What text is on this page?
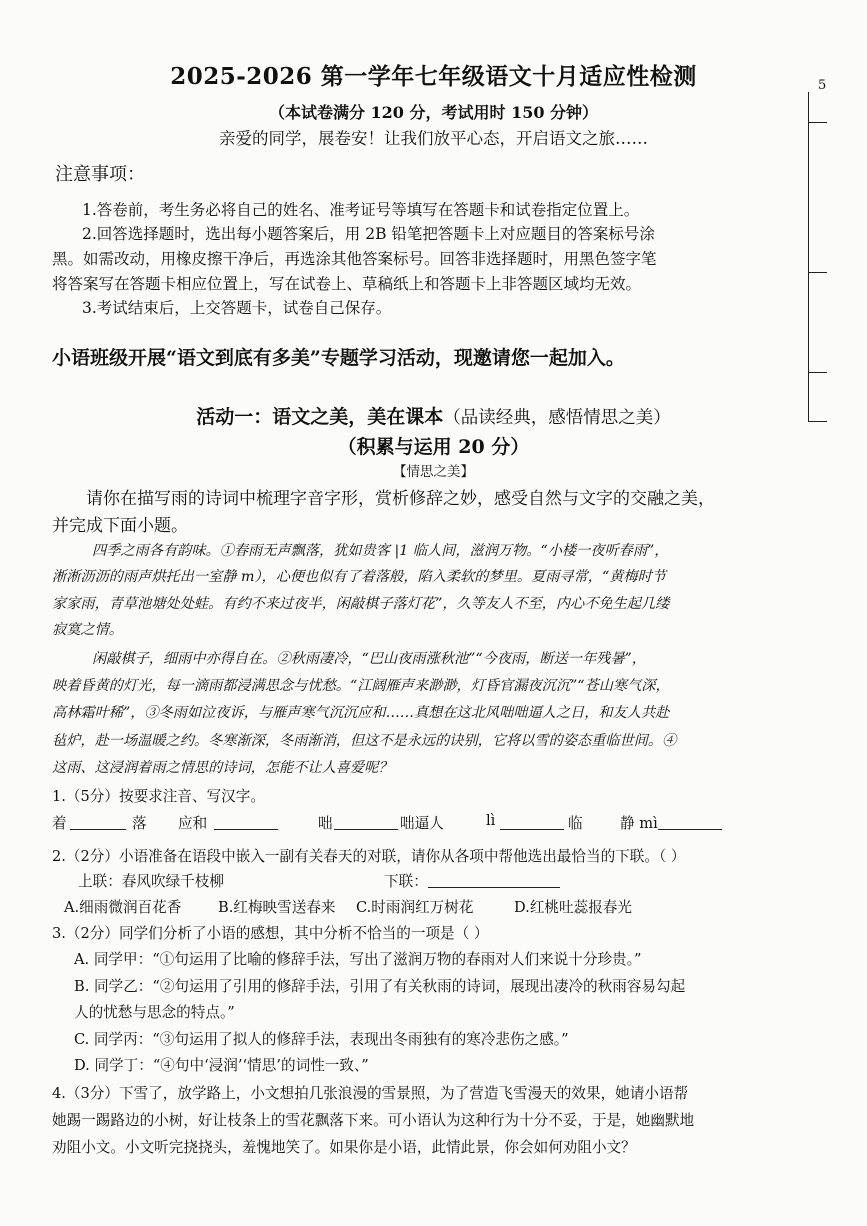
2025-2026 第一学年七年级语文十月适应性检测
（本试卷满分 120 分，考试用时 150 分钟）
亲爱的同学，展卷安！让我们放平心态，开启语文之旅……
5
注意事项：
1.答卷前，考生务必将自己的姓名、准考证号等填写在答题卡和试卷指定位置上。
2.回答选择题时，选出每小题答案后，用 2B 铅笔把答题卡上对应题目的答案标号涂
黑。如需改动，用橡皮擦干净后，再选涂其他答案标号。回答非选择题时，用黑色签字笔
将答案写在答题卡相应位置上，写在试卷上、草稿纸上和答题卡上非答题区域均无效。
3.考试结束后，上交答题卡，试卷自己保存。
小语班级开展“语文到底有多美”专题学习活动，现邀请您一起加入。
活动一：语文之美，美在课本（品读经典，感悟情思之美）
（积累与运用 20 分）
【情思之美】
请你在描写雨的诗词中梳理字音字形，赏析修辞之妙，感受自然与文字的交融之美，
并完成下面小题。
四季之雨各有韵味。①春雨无声飘落，犹如贵客 |1 临人间，滋润万物。“小楼一夜听春雨”，
淅淅沥沥的雨声烘托出一室静 m），心便也似有了着落般，陷入柔软的梦里。夏雨寻常，“黄梅时节
家家雨，青草池塘处处蛙。有约不来过夜半，闲敲棋子落灯花”，久等友人不至，内心不免生起几缕
寂寞之情。
闲敲棋子，细雨中亦得自在。②秋雨凄冷，“巴山夜雨涨秋池”“今夜雨，断送一年残暑”，
映着昏黄的灯光，每一滴雨都浸满思念与忧愁。“江阔雁声来渺渺，灯昏官漏夜沉沉”“苍山寒气深，
高林霜叶稀”，③冬雨如泣夜诉，与雁声寒气沉沉应和……真想在这北风咄咄逼人之日，和友人共赴
毡炉，赴一场温暖之约。冬寒渐深，冬雨渐消，但这不是永远的诀别，它将以雪的姿态重临世间。④
这雨、这浸润着雨之情思的诗词，怎能不让人喜爱呢？
1.（5分）按要求注音、写汉字。
着	落 应和	咄	咄逼人	lì	临	静 mì
2.（2分）小语准备在语段中嵌入一副有关春天的对联，请你从各项中帮他选出最恰当的下联。（ ）
上联：春风吹绿千枝柳	下联：
A.细雨微润百花香	B.红梅映雪送春来 C.时雨润红万树花	D.红桃吐蕊报春光
3.（2分）同学们分析了小语的感想，其中分析不恰当的一项是（ ）
A. 同学甲：“①句运用了比喻的修辞手法，写出了滋润万物的春雨对人们来说十分珍贵。”
B. 同学乙：“②句运用了引用的修辞手法，引用了有关秋雨的诗词，展现出凄冷的秋雨容易勾起
人的忧愁与思念的特点。”
C. 同学丙：“③句运用了拟人的修辞手法，表现出冬雨独有的寒冷悲伤之感。”
D. 同学丁：“④句中‘浸润’‘情思’的词性一致、”
4.（3分）下雪了，放学路上，小文想拍几张浪漫的雪景照，为了营造飞雪漫天的效果，她请小语帮
她踢一踢路边的小树，好让枝条上的雪花飘落下来。可小语认为这种行为十分不妥，于是，她幽默地
劝阻小文。小文听完挠挠头，羞愧地笑了。如果你是小语，此情此景，你会如何劝阻小文？
